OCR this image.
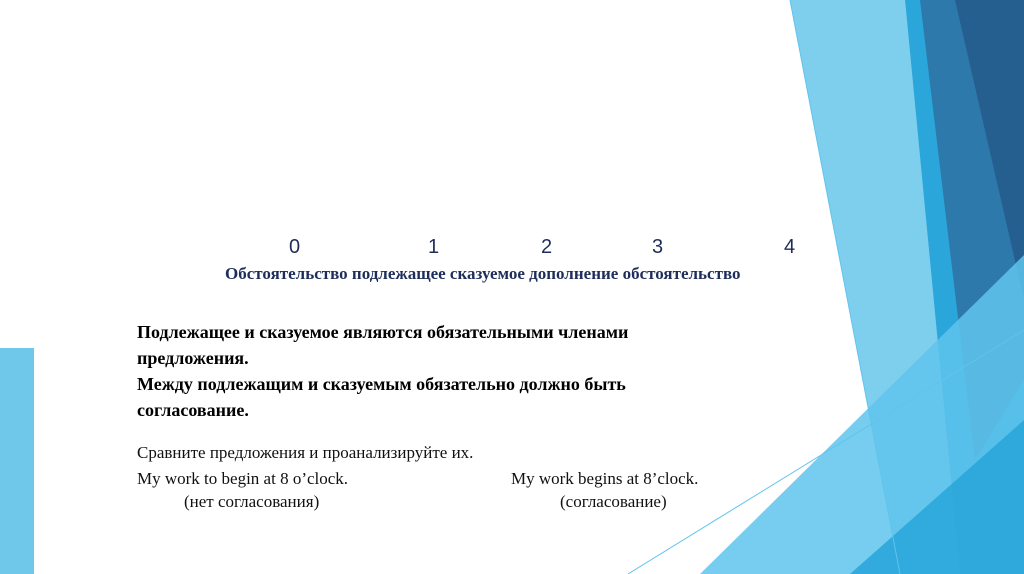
0	1	2	3	4
Обстоятельство подлежащее сказуемое дополнение обстоятельство
Подлежащее и сказуемое являются обязательными членами
предложения.
Между подлежащим и сказуемым обязательно должно быть
согласование.
Сравните предложения и проанализируйте их.
My work to begin at 8 o’clock.
(нет согласования)
My work begins at 8’clock.
(согласование)
